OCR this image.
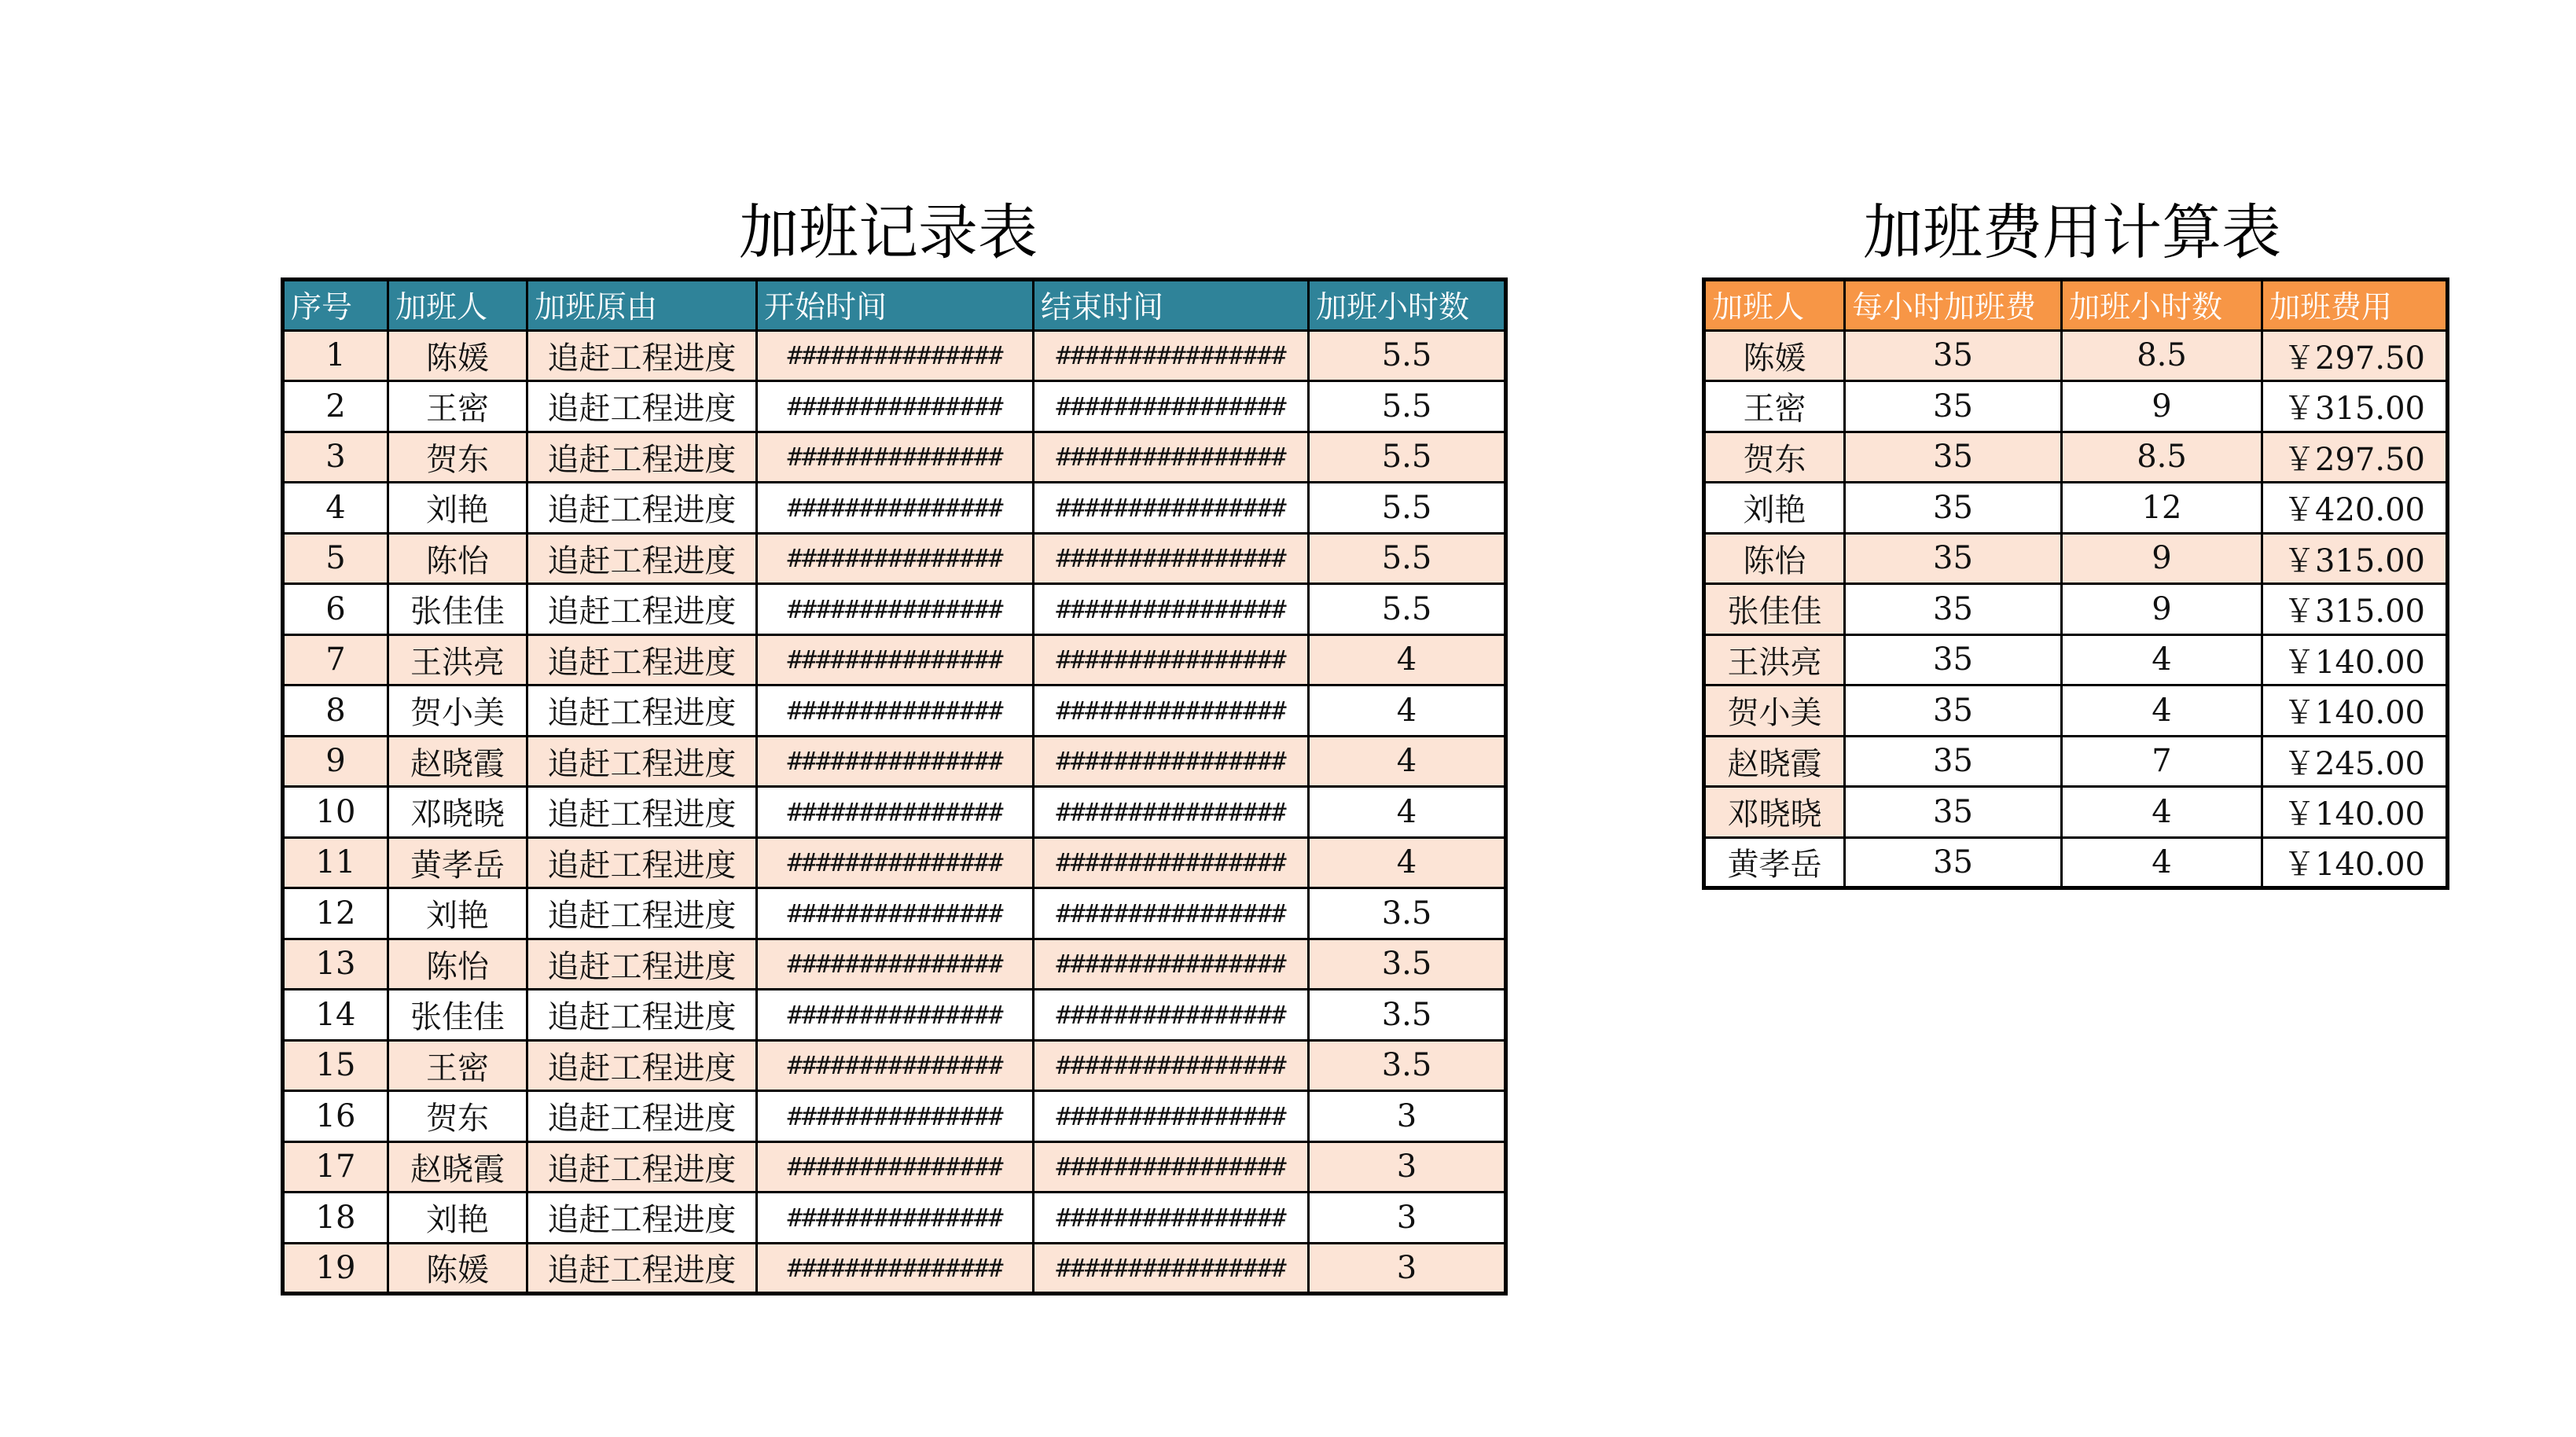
加班记录表	加班费用计算表
序号	加班人	加班原由	开始时间	结束时间	加班小时数
1	陈媛	追赶工程进度	###############	################	5.5
2	王密	追赶工程进度	###############	################	5.5
3	贺东	追赶工程进度	###############	################	5.5
4	刘艳	追赶工程进度	###############	################	5.5
5	陈怡	追赶工程进度	###############	################	5.5
6	张佳佳	追赶工程进度	###############	################	5.5
7	王洪亮	追赶工程进度	###############	################	4
8	贺小美	追赶工程进度	###############	################	4
9	赵晓霞	追赶工程进度	###############	################	4
10	邓晓晓	追赶工程进度	###############	################	4
11	黄孝岳	追赶工程进度	###############	################	4
12	刘艳	追赶工程进度	###############	################	3.5
13	陈怡	追赶工程进度	###############	################	3.5
14	张佳佳	追赶工程进度	###############	################	3.5
15	王密	追赶工程进度	###############	################	3.5
16	贺东	追赶工程进度	###############	################	3
17	赵晓霞	追赶工程进度	###############	################	3
18	刘艳	追赶工程进度	###############	################	3
19	陈媛	追赶工程进度	###############	################	3
加班人	每小时加班费	加班小时数	加班费用
陈媛	35	8.5	￥297.50
王密	35	9	￥315.00
贺东	35	8.5	￥297.50
刘艳	35	12	￥420.00
陈怡	35	9	￥315.00
张佳佳	35	9	￥315.00
王洪亮	35	4	￥140.00
贺小美	35	4	￥140.00
赵晓霞	35	7	￥245.00
邓晓晓	35	4	￥140.00
黄孝岳	35	4	￥140.00
